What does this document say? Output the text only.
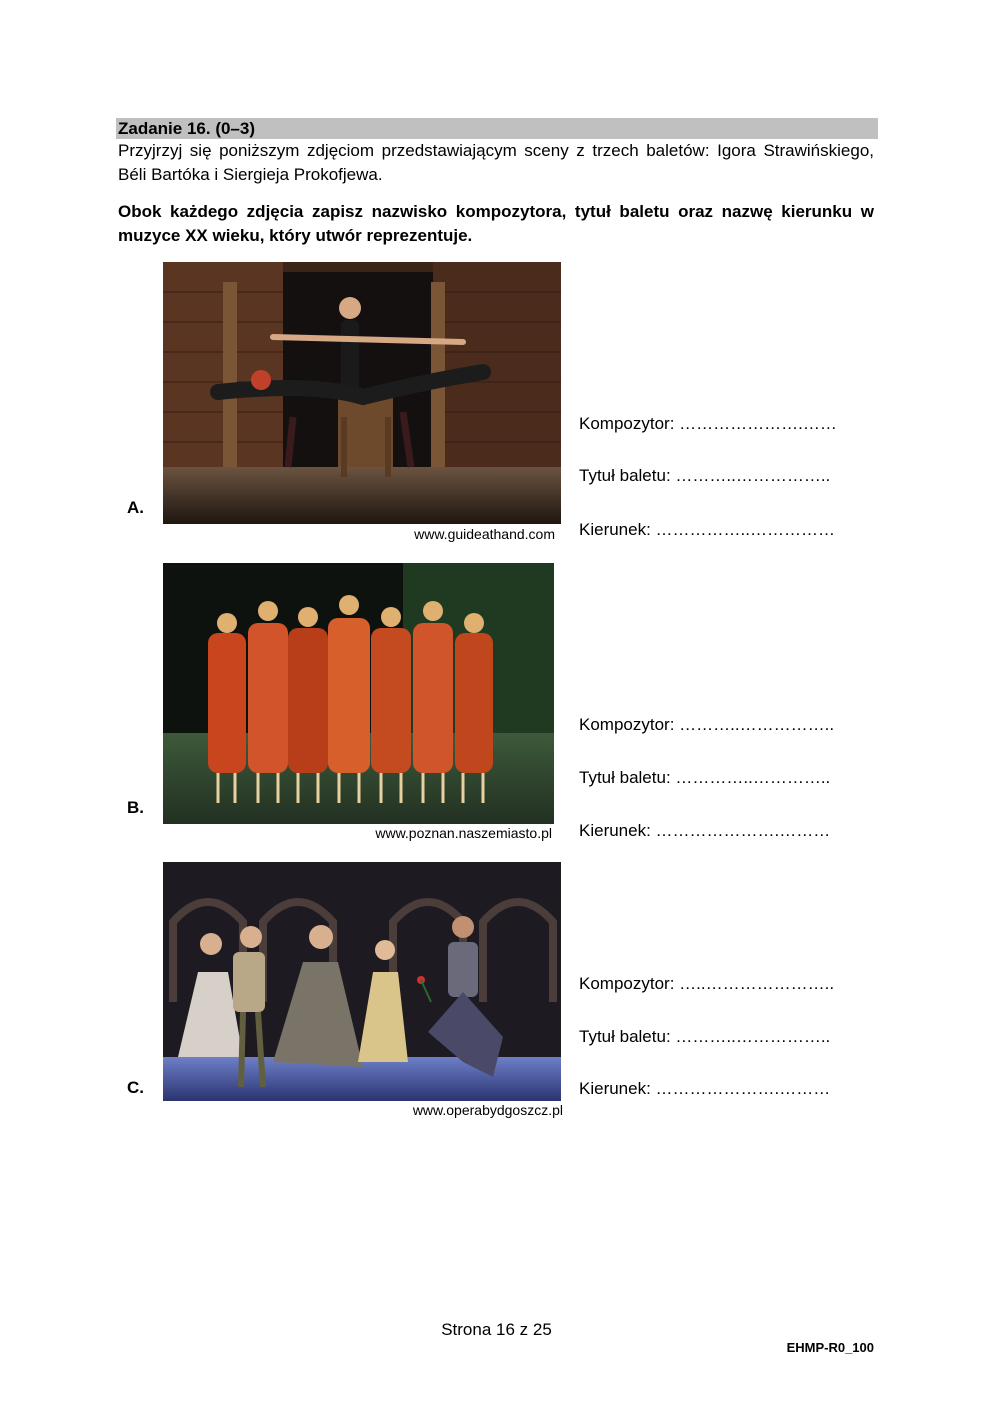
Zadanie 16. (0–3)
Przyjrzyj się poniższym zdjęciom przedstawiającym sceny z trzech baletów: Igora Strawińskiego, Béli Bartóka i Siergieja Prokofjewa.
Obok każdego zdjęcia zapisz nazwisko kompozytora, tytuł baletu oraz nazwę kierunku w muzyce XX wieku, który utwór reprezentuje.
A.
www.guideathand.com
Kompozytor: ………………….……
Tytuł baletu: ………..……………..
Kierunek: ……………..……………
B.
www.poznan.naszemiasto.pl
Kompozytor: ………..……………..
Tytuł baletu: …………..…………..
Kierunek: ………………….………
C.
www.operabydgoszcz.pl
Kompozytor: …..…………………..
Tytuł baletu: ………..……………..
Kierunek: ………………….………
Strona 16 z 25
EHMP-R0_100
